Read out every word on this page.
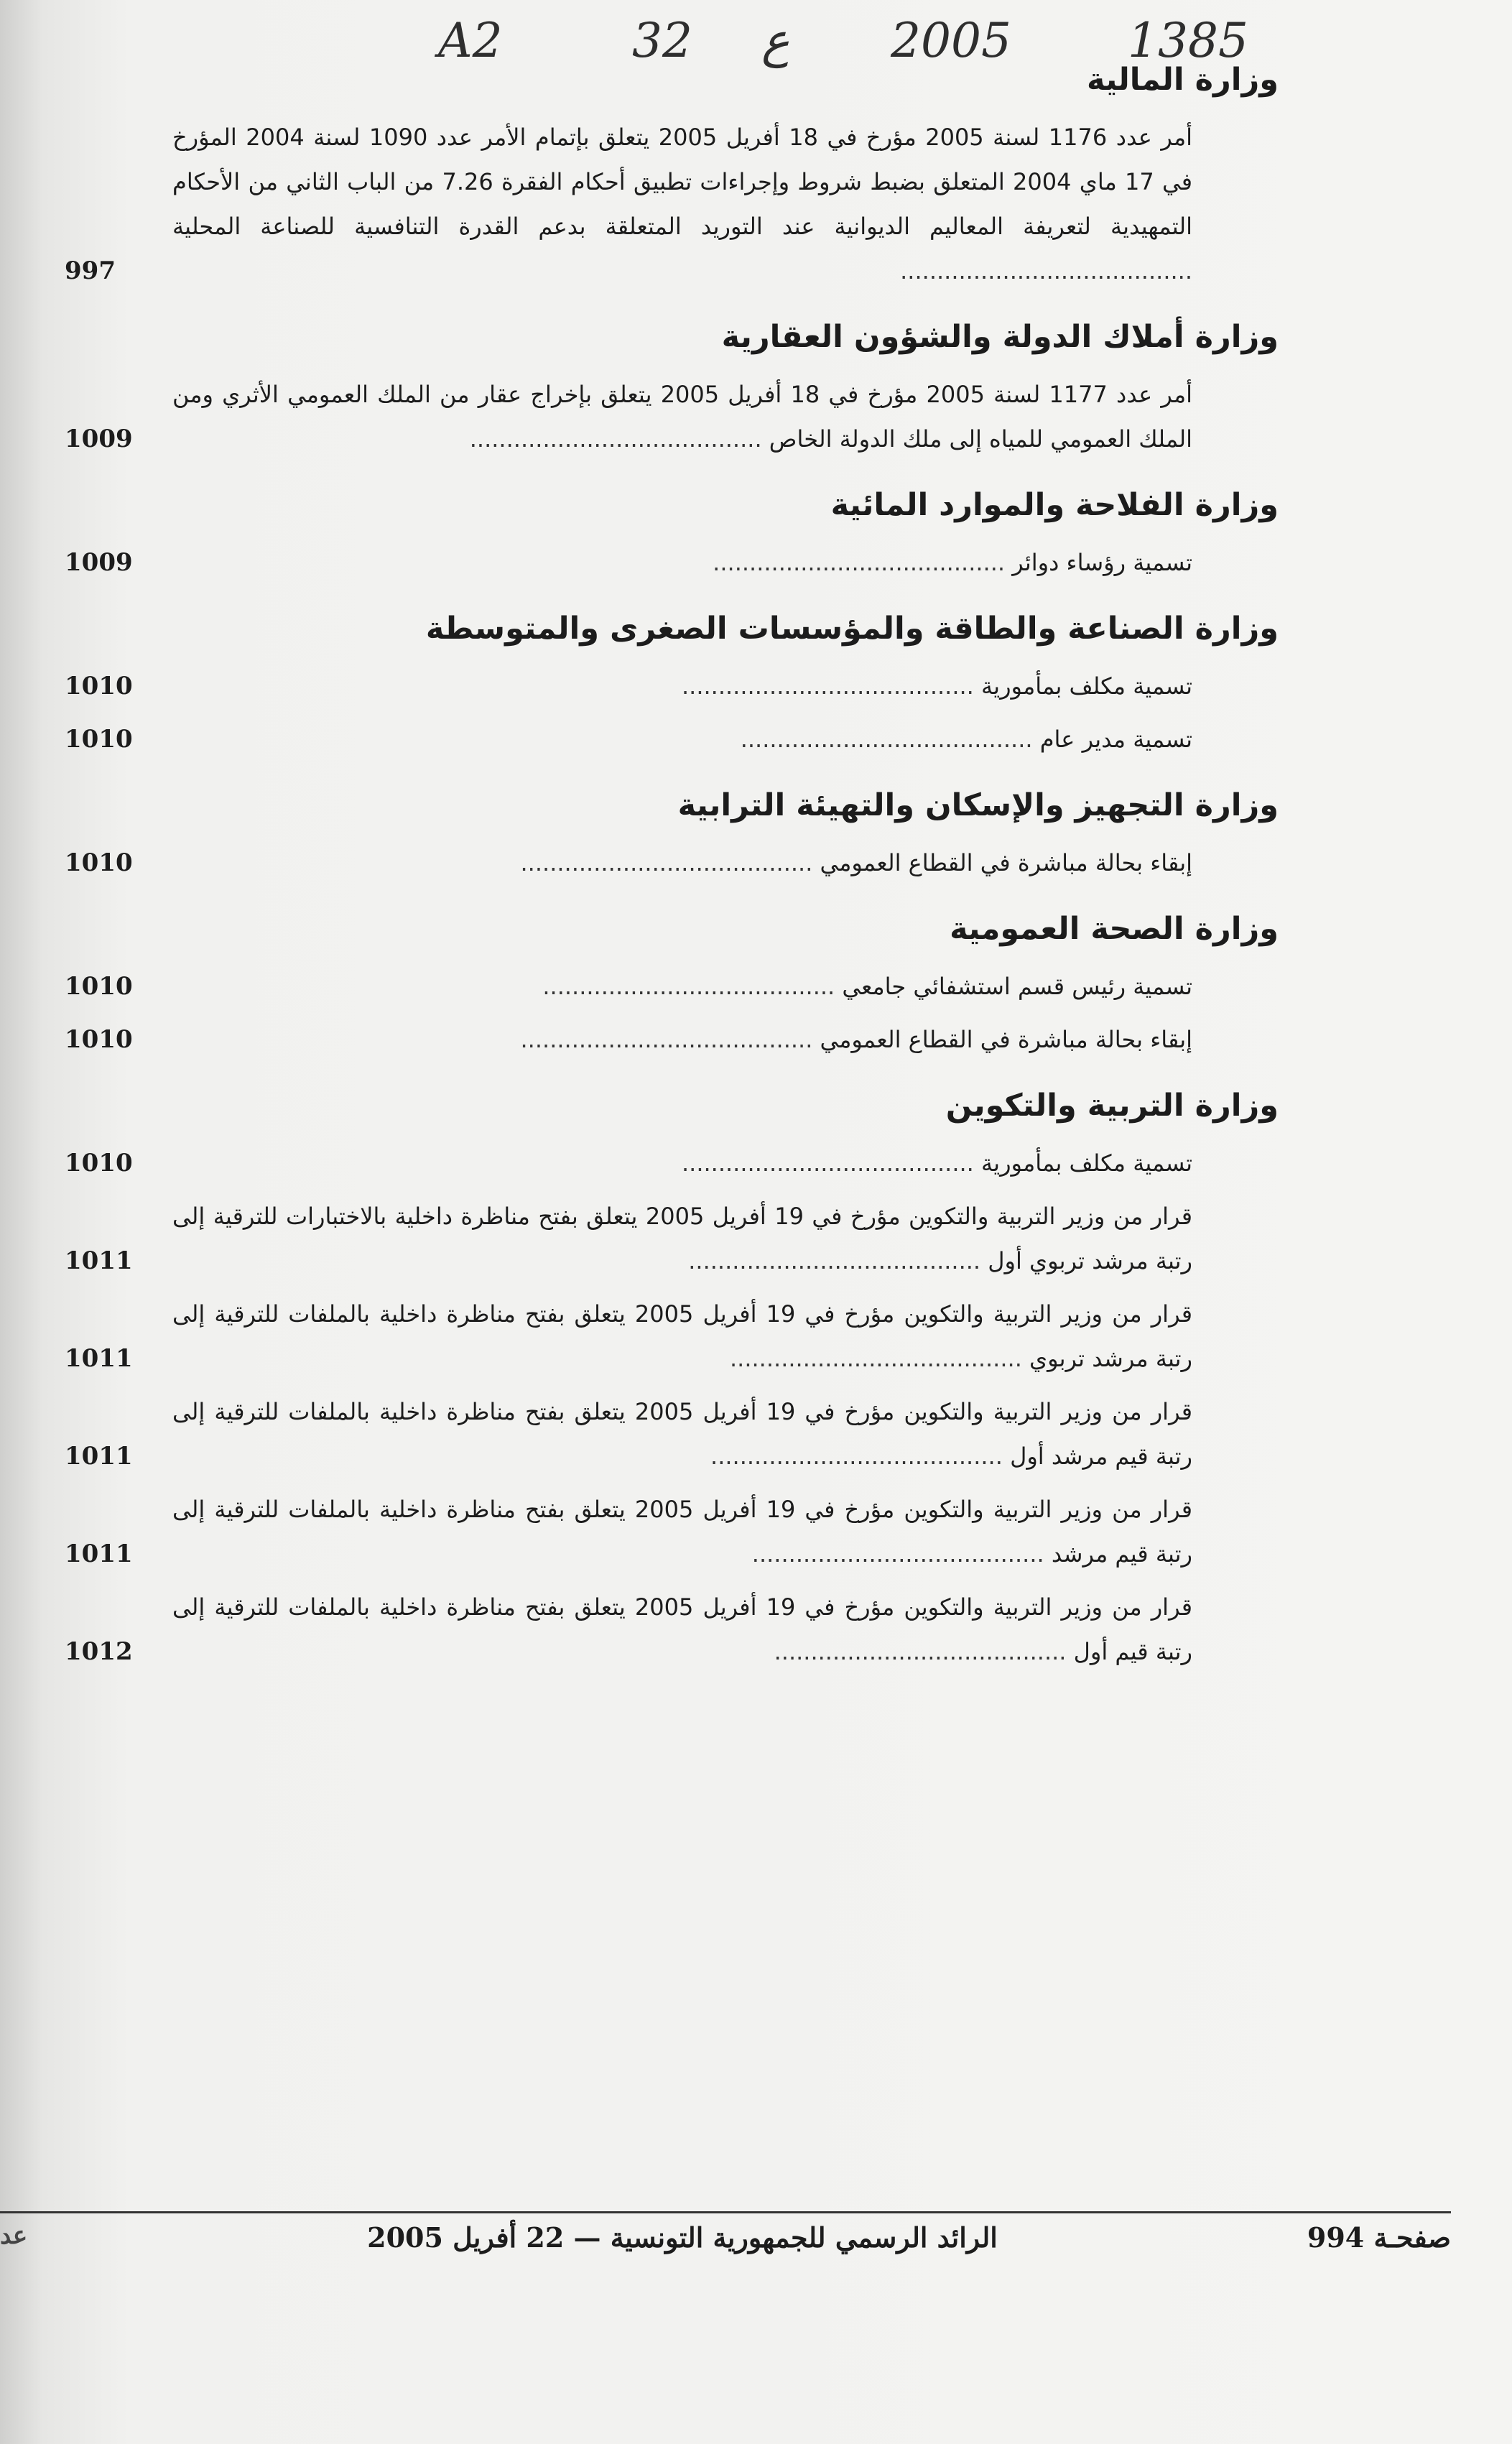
A2	32 ع 2005 1385
وزارة المالية
أمر عدد 1176 لسنة 2005 مؤرخ في 18 أفريل 2005 يتعلق بإتمام الأمر عدد 1090 لسنة 2004 المؤرخ في 17 ماي 2004 المتعلق بضبط شروط وإجراءات تطبيق أحكام الفقرة 7.26 من الباب الثاني من الأحكام التمهيدية لتعريفة المعاليم الديوانية عند التوريد المتعلقة بدعم القدرة التنافسية للصناعة المحلية ........................................
997
وزارة أملاك الدولة والشؤون العقارية
أمر عدد 1177 لسنة 2005 مؤرخ في 18 أفريل 2005 يتعلق بإخراج عقار من الملك العمومي الأثري ومن الملك العمومي للمياه إلى ملك الدولة الخاص ........................................
1009
وزارة الفلاحة والموارد المائية
تسمية رؤساء دوائر ........................................
1009
وزارة الصناعة والطاقة والمؤسسات الصغرى والمتوسطة
تسمية مكلف بمأمورية ........................................
1010
تسمية مدير عام ........................................
1010
وزارة التجهيز والإسكان والتهيئة الترابية
إبقاء بحالة مباشرة في القطاع العمومي ........................................
1010
وزارة الصحة العمومية
تسمية رئيس قسم استشفائي جامعي ........................................
1010
إبقاء بحالة مباشرة في القطاع العمومي ........................................
1010
وزارة التربية والتكوين
تسمية مكلف بمأمورية ........................................
1010
قرار من وزير التربية والتكوين مؤرخ في 19 أفريل 2005 يتعلق بفتح مناظرة داخلية بالاختبارات للترقية إلى رتبة مرشد تربوي أول ........................................
1011
قرار من وزير التربية والتكوين مؤرخ في 19 أفريل 2005 يتعلق بفتح مناظرة داخلية بالملفات للترقية إلى رتبة مرشد تربوي ........................................
1011
قرار من وزير التربية والتكوين مؤرخ في 19 أفريل 2005 يتعلق بفتح مناظرة داخلية بالملفات للترقية إلى رتبة قيم مرشد أول ........................................
1011
قرار من وزير التربية والتكوين مؤرخ في 19 أفريل 2005 يتعلق بفتح مناظرة داخلية بالملفات للترقية إلى رتبة قيم مرشد ........................................
1011
قرار من وزير التربية والتكوين مؤرخ في 19 أفريل 2005 يتعلق بفتح مناظرة داخلية بالملفات للترقية إلى رتبة قيم أول ........................................
1012
صفحـة 994
الرائد الرسمي للجمهورية التونسية — 22 أفريل 2005
عد
